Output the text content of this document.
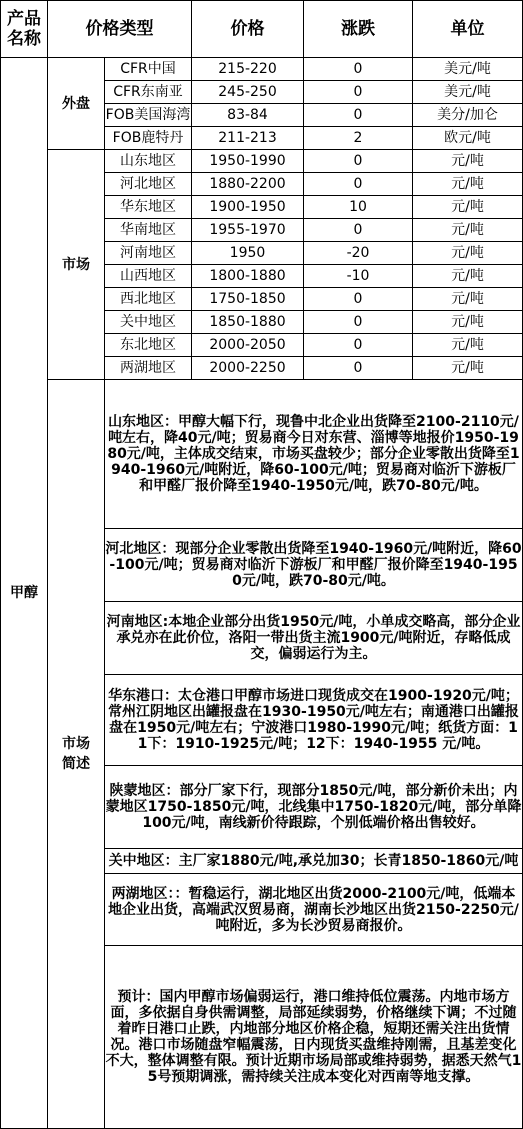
产品名称	价格类型		价格	涨跌	单位
甲醇	外盘	CFR中国	215-220	0	美元/吨
		CFR东南亚	245-250	0	美元/吨
		FOB美国海湾	83-84	0	美分/加仑
		FOB鹿特丹	211-213	2	欧元/吨
	市场	山东地区	1950-1990	0	元/吨
		河北地区	1880-2200	0	元/吨
		华东地区	1900-1950	10	元/吨
		华南地区	1955-1970	0	元/吨
		河南地区	1950	-20	元/吨
		山西地区	1800-1880	-10	元/吨
		西北地区	1750-1850	0	元/吨
		关中地区	1850-1880	0	元/吨
		东北地区	2000-2050	0	元/吨
		两湖地区	2000-2250	0	元/吨
	市场简述	山东地区：甲醇大幅下行，现鲁中北企业出货降至2100-2110元/吨左右，降40元/吨；贸易商今日对东营、淄博等地报价1950-1980元/吨，主体成交结束，市场买盘较少；部分企业零散出货降至1940-1960元/吨附近，降60-100元/吨；贸易商对临沂下游板厂和甲醛厂报价降至1940-1950元/吨，跌70-80元/吨。			

		河北地区：现部分企业零散出货降至1940-1960元/吨附近，降60-100元/吨；贸易商对临沂下游板厂和甲醛厂报价降至1940-1950元/吨，跌70-80元/吨。			

		河南地区:本地企业部分出货1950元/吨，小单成交略高，部分企业承兑亦在此价位，洛阳一带出货主流1900元/吨附近，存略低成交，偏弱运行为主。			

		华东港口：太仓港口甲醇市场进口现货成交在1900-1920元/吨；常州江阴地区出罐报盘在1930-1950元/吨左右；南通港口出罐报盘在1950元/吨左右；宁波港口1980-1990元/吨；纸货方面：11下：1910-1925元/吨；12下：1940-1955 元/吨。			

		陕蒙地区：部分厂家下行，现部分1850元/吨，部分新价未出；内蒙地区1750-1850元/吨，北线集中1750-1820元/吨，部分单降100元/吨，南线新价待跟踪，个别低端价格出售较好。			

		关中地区：主厂家1880元/吨,承兑加30；长青1850-1860元/吨			

		两湖地区：：暂稳运行，湖北地区出货2000-2100元/吨，低端本地企业出货，高端武汉贸易商，湖南长沙地区出货2150-2250元/吨附近，多为长沙贸易商报价。			

		预计：国内甲醇市场偏弱运行，港口维持低位震荡。内地市场方面，多依据自身供需调整，局部延续弱势，价格继续下调；不过随着昨日港口止跌，内地部分地区价格企稳，短期还需关注出货情况。港口市场随盘窄幅震荡，日内现货买盘维持刚需，且基差变化不大，整体调整有限。预计近期市场局部或维持弱势，据悉天然气15号预期调涨，需持续关注成本变化对西南等地支撑。			
